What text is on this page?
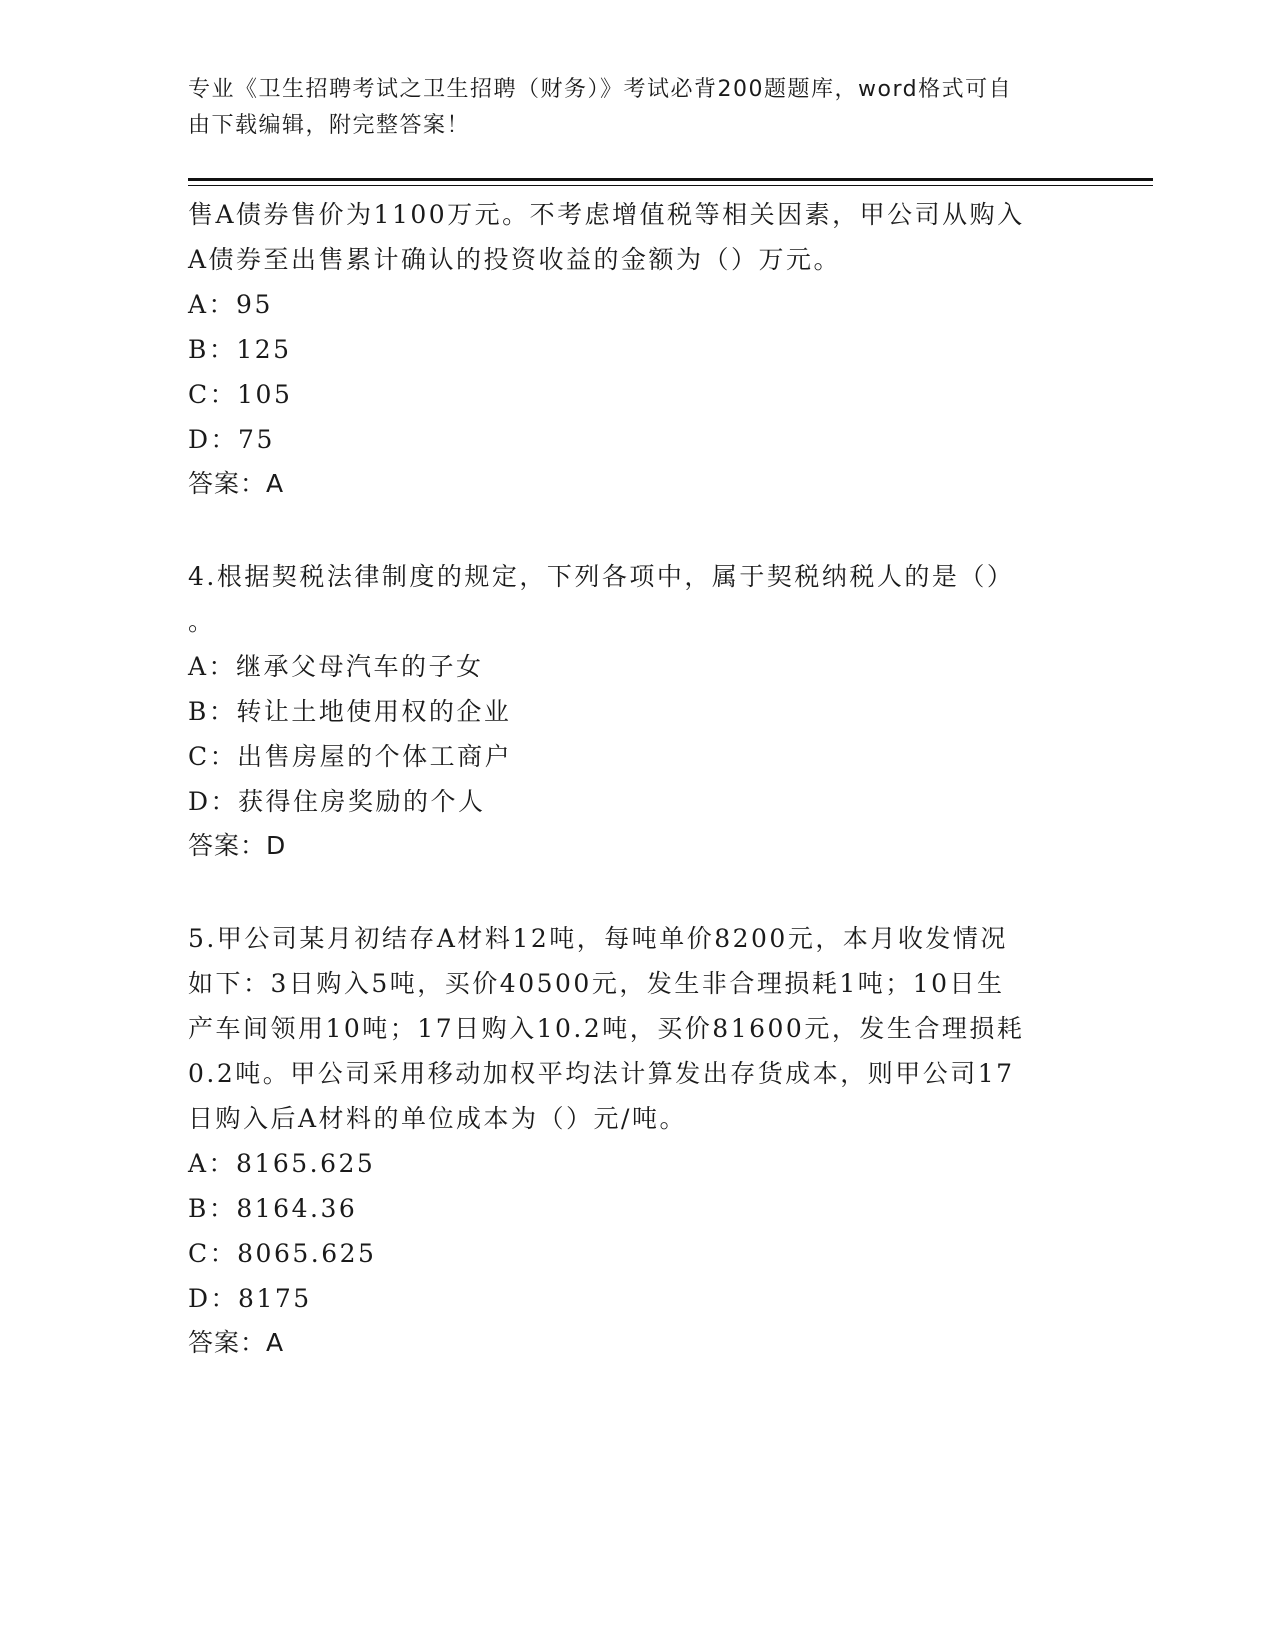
专业《卫生招聘考试之卫生招聘（财务）》考试必背200题题库，word格式可自
由下载编辑，附完整答案！
售A债券售价为1100万元。不考虑增值税等相关因素，甲公司从购入
A债券至出售累计确认的投资收益的金额为（）万元。
A：95
B：125
C：105
D：75
答案：A
4.根据契税法律制度的规定，下列各项中，属于契税纳税人的是（）
。
A：继承父母汽车的子女
B：转让土地使用权的企业
C：出售房屋的个体工商户
D：获得住房奖励的个人
答案：D
5.甲公司某月初结存A材料12吨，每吨单价8200元，本月收发情况
如下：3日购入5吨，买价40500元，发生非合理损耗1吨；10日生
产车间领用10吨；17日购入10.2吨，买价81600元，发生合理损耗
0.2吨。甲公司采用移动加权平均法计算发出存货成本，则甲公司17
日购入后A材料的单位成本为（）元/吨。
A：8165.625
B：8164.36
C：8065.625
D：8175
答案：A
